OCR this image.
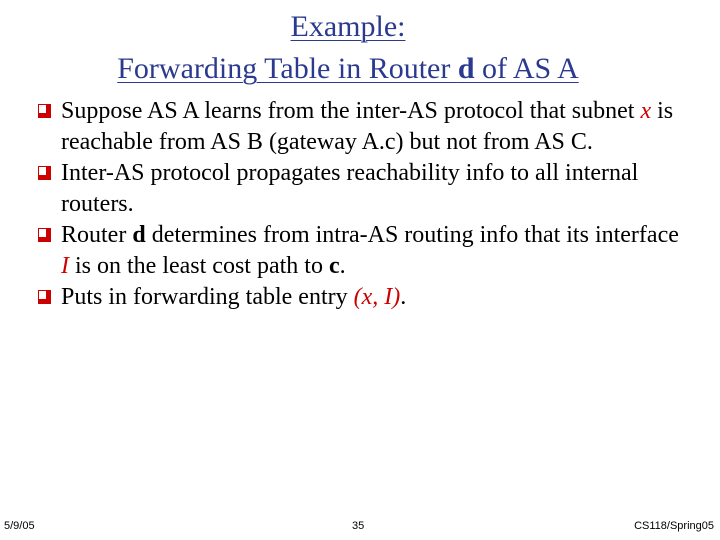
Example:
Forwarding Table in Router d of AS A
Suppose AS A learns from the inter-AS protocol that subnet x is reachable from AS B (gateway A.c) but not from AS C.
Inter-AS protocol propagates reachability info to all internal routers.
Router d determines from intra-AS routing info that its interface I is on the least cost path to c.
Puts in forwarding table entry (x, I).
5/9/05	35	CS118/Spring05
